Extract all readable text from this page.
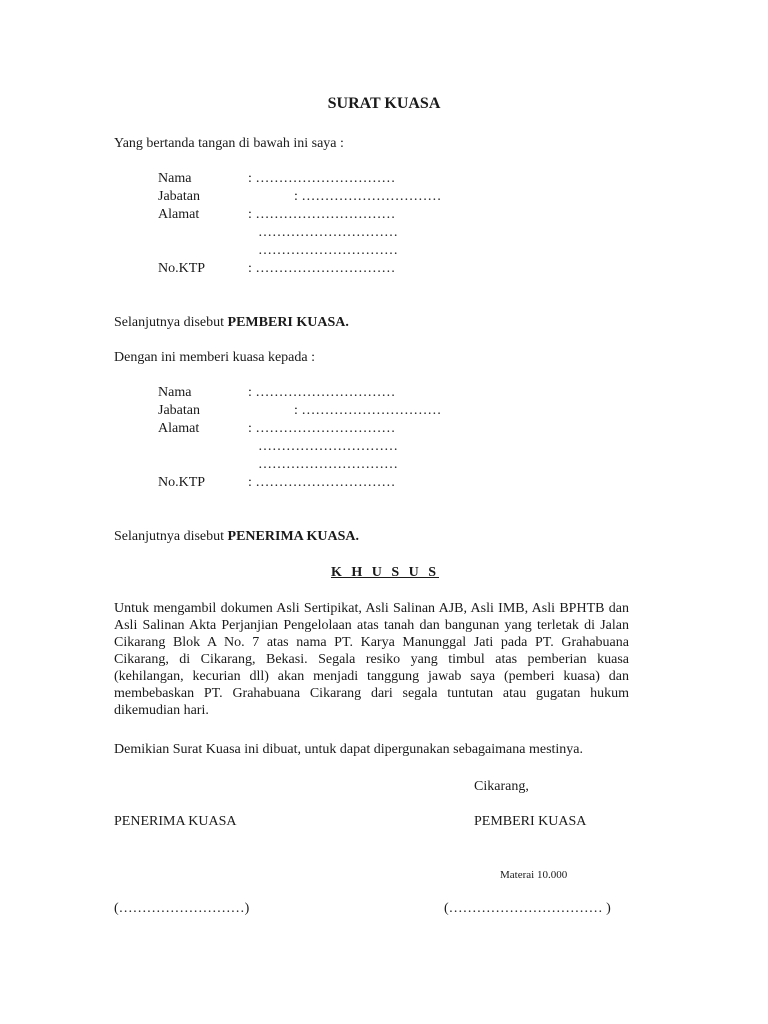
SURAT KUASA
Yang bertanda tangan di bawah ini saya :
Nama	: …………………………
Jabatan	: …………………………
Alamat	: …………………………
…………………………
…………………………
No.KTP	: …………………………
Selanjutnya disebut PEMBERI KUASA.
Dengan ini memberi kuasa kepada :
Nama	: …………………………
Jabatan	: …………………………
Alamat	: …………………………
…………………………
…………………………
No.KTP	: …………………………
Selanjutnya disebut PENERIMA KUASA.
K H U S U S

Untuk mengambil dokumen Asli Sertipikat, Asli Salinan AJB, Asli IMB, Asli BPHTB dan Asli Salinan Akta Perjanjian Pengelolaan atas tanah dan bangunan yang terletak di Jalan Cikarang Blok A No. 7 atas nama PT. Karya Manunggal Jati pada PT. Grahabuana Cikarang, di Cikarang, Bekasi. Segala resiko yang timbul atas pemberian kuasa (kehilangan, kecurian dll) akan menjadi tanggung jawab saya (pemberi kuasa) dan membebaskan PT. Grahabuana Cikarang dari segala tuntutan atau gugatan hukum dikemudian hari.

Demikian Surat Kuasa ini dibuat, untuk dapat dipergunakan sebagaimana mestinya.
Cikarang,
PENERIMA KUASA	PEMBERI KUASA
Materai 10.000
(………………………)	(…………………………… )
